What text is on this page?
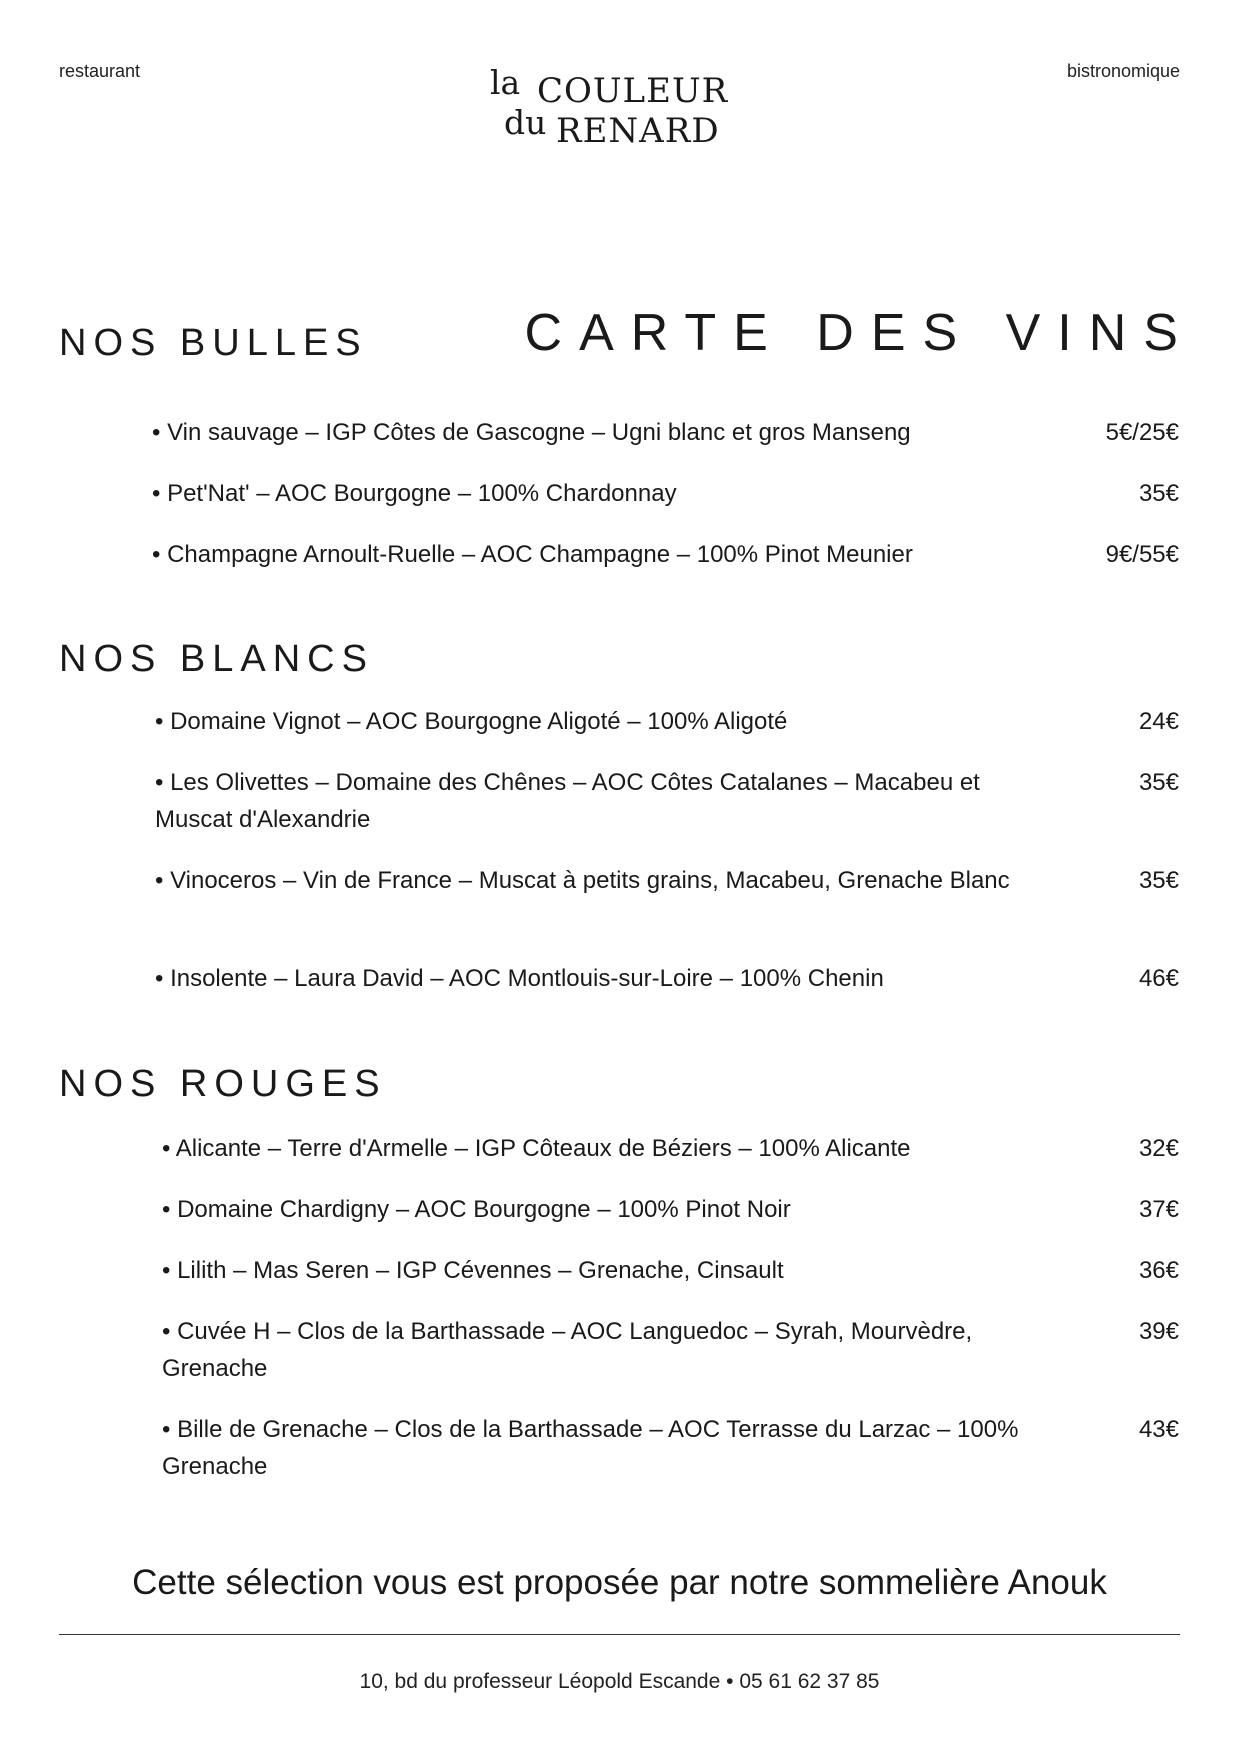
restaurant	bistronomique
la COULEUR
du RENARD
CARTE DES VINS
NOS BULLES
• Vin sauvage – IGP Côtes de Gascogne – Ugni blanc et gros Manseng	5€/25€
• Pet'Nat' – AOC Bourgogne – 100% Chardonnay	35€
• Champagne Arnoult-Ruelle – AOC Champagne – 100% Pinot Meunier	9€/55€
NOS BLANCS
• Domaine Vignot – AOC Bourgogne Aligoté – 100% Aligoté	24€
• Les Olivettes – Domaine des Chênes – AOC Côtes Catalanes – Macabeu et Muscat d'Alexandrie
35€
• Vinoceros – Vin de France – Muscat à petits grains, Macabeu, Grenache Blanc	35€
• Insolente – Laura David – AOC Montlouis-sur-Loire – 100% Chenin	46€
NOS ROUGES
• Alicante – Terre d'Armelle – IGP Côteaux de Béziers – 100% Alicante	32€
• Domaine Chardigny – AOC Bourgogne – 100% Pinot Noir	37€
• Lilith – Mas Seren – IGP Cévennes – Grenache, Cinsault	36€
• Cuvée H – Clos de la Barthassade – AOC Languedoc – Syrah, Mourvèdre, Grenache
39€
• Bille de Grenache – Clos de la Barthassade – AOC Terrasse du Larzac – 100% Grenache
43€
Cette sélection vous est proposée par notre sommelière Anouk
10, bd du professeur Léopold Escande • 05 61 62 37 85
